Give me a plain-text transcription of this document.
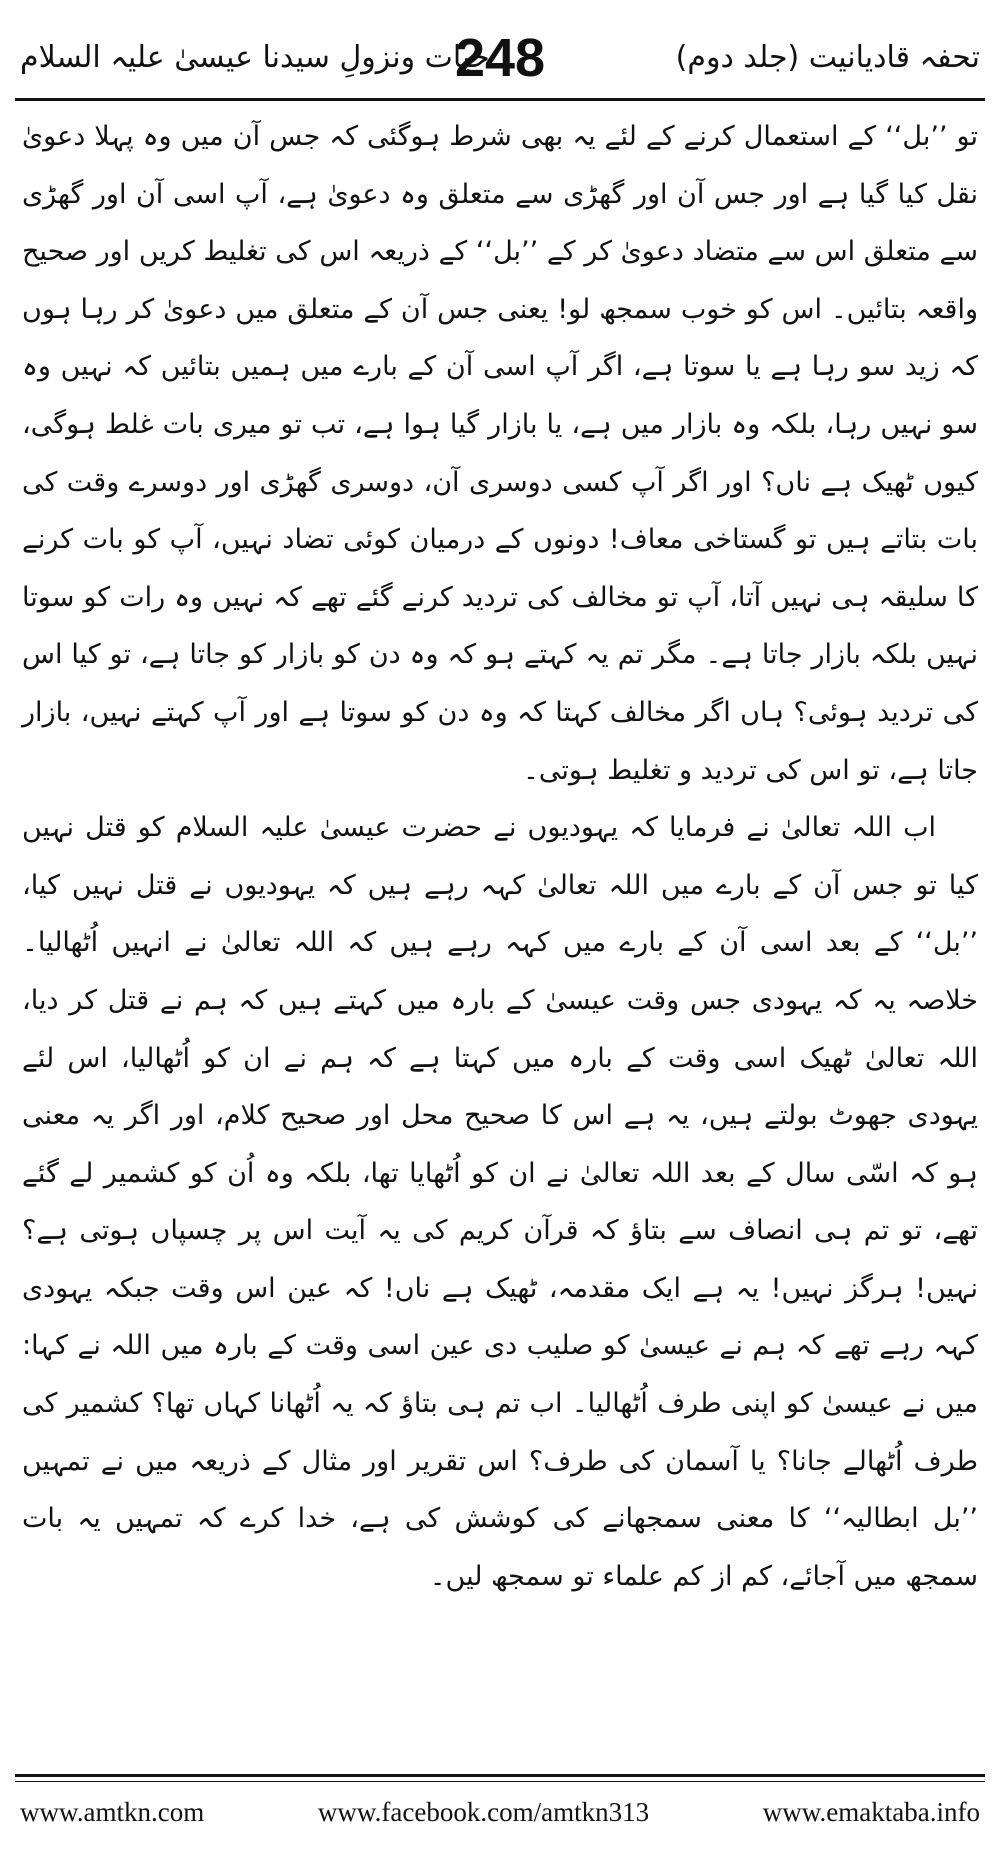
تحفہ قادیانیت (جلد دوم)
248
حیات ونزولِ سیدنا عیسیٰ علیہ السلام

تو ’’بل‘‘ کے استعمال کرنے کے لئے یہ بھی شرط ہوگئی کہ جس آن میں وہ پہلا دعویٰ نقل کیا گیا ہے اور جس آن اور گھڑی سے متعلق وہ دعویٰ ہے، آپ اسی آن اور گھڑی سے متعلق اس سے متضاد دعویٰ کر کے ’’بل‘‘ کے ذریعہ اس کی تغلیط کریں اور صحیح واقعہ بتائیں۔ اس کو خوب سمجھ لو! یعنی جس آن کے متعلق میں دعویٰ کر رہا ہوں کہ زید سو رہا ہے یا سوتا ہے، اگر آپ اسی آن کے بارے میں ہمیں بتائیں کہ نہیں وہ سو نہیں رہا، بلکہ وہ بازار میں ہے، یا بازار گیا ہوا ہے، تب تو میری بات غلط ہوگی، کیوں ٹھیک ہے ناں؟ اور اگر آپ کسی دوسری آن، دوسری گھڑی اور دوسرے وقت کی بات بتاتے ہیں تو گستاخی معاف! دونوں کے درمیان کوئی تضاد نہیں، آپ کو بات کرنے کا سلیقہ ہی نہیں آتا، آپ تو مخالف کی تردید کرنے گئے تھے کہ نہیں وہ رات کو سوتا نہیں بلکہ بازار جاتا ہے۔ مگر تم یہ کہتے ہو کہ وہ دن کو بازار کو جاتا ہے، تو کیا اس کی تردید ہوئی؟ ہاں اگر مخالف کہتا کہ وہ دن کو سوتا ہے اور آپ کہتے نہیں، بازار جاتا ہے، تو اس کی تردید و تغلیط ہوتی۔

اب اللہ تعالیٰ نے فرمایا کہ یہودیوں نے حضرت عیسیٰ علیہ السلام کو قتل نہیں کیا تو جس آن کے بارے میں اللہ تعالیٰ کہہ رہے ہیں کہ یہودیوں نے قتل نہیں کیا، ’’بل‘‘ کے بعد اسی آن کے بارے میں کہہ رہے ہیں کہ اللہ تعالیٰ نے انہیں اُٹھالیا۔ خلاصہ یہ کہ یہودی جس وقت عیسیٰ کے بارہ میں کہتے ہیں کہ ہم نے قتل کر دیا، اللہ تعالیٰ ٹھیک اسی وقت کے بارہ میں کہتا ہے کہ ہم نے ان کو اُٹھالیا، اس لئے یہودی جھوٹ بولتے ہیں، یہ ہے اس کا صحیح محل اور صحیح کلام، اور اگر یہ معنی ہو کہ اسّی سال کے بعد اللہ تعالیٰ نے ان کو اُٹھایا تھا، بلکہ وہ اُن کو کشمیر لے گئے تھے، تو تم ہی انصاف سے بتاؤ کہ قرآن کریم کی یہ آیت اس پر چسپاں ہوتی ہے؟ نہیں! ہرگز نہیں! یہ ہے ایک مقدمہ، ٹھیک ہے ناں! کہ عین اس وقت جبکہ یہودی کہہ رہے تھے کہ ہم نے عیسیٰ کو صلیب دی عین اسی وقت کے بارہ میں اللہ نے کہا: میں نے عیسیٰ کو اپنی طرف اُٹھالیا۔ اب تم ہی بتاؤ کہ یہ اُٹھانا کہاں تھا؟ کشمیر کی طرف اُٹھالے جانا؟ یا آسمان کی طرف؟ اس تقریر اور مثال کے ذریعہ میں نے تمہیں ’’بل ابطالیہ‘‘ کا معنی سمجھانے کی کوشش کی ہے، خدا کرے کہ تمہیں یہ بات سمجھ میں آجائے، کم از کم علماء تو سمجھ لیں۔

www.amtkn.com	www.facebook.com/amtkn313	www.emaktaba.info
